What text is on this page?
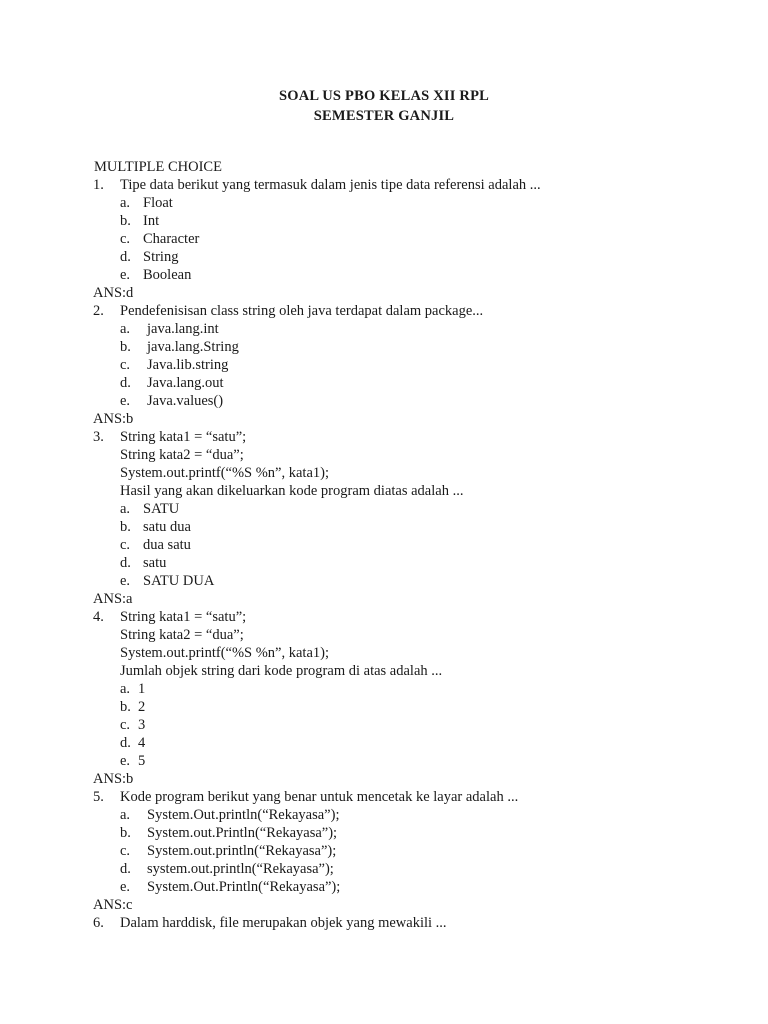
SOAL US PBO KELAS XII RPL
SEMESTER GANJIL
MULTIPLE CHOICE
1. Tipe data berikut yang termasuk dalam jenis tipe data referensi adalah ...
a. Float
b. Int
c. Character
d. String
e. Boolean
ANS:d
2. Pendefenisisan class string oleh java terdapat dalam package...
a. java.lang.int
b. java.lang.String
c. Java.lib.string
d. Java.lang.out
e. Java.values()
ANS:b
3. String kata1 = “satu”;
String kata2 = “dua”;
System.out.printf(“%S %n”, kata1);
Hasil yang akan dikeluarkan kode program diatas adalah ...
a. SATU
b. satu dua
c. dua satu
d. satu
e. SATU DUA
ANS:a
4. String kata1 = “satu”;
String kata2 = “dua”;
System.out.printf(“%S %n”, kata1);
Jumlah objek string dari kode program di atas adalah ...
a. 1
b. 2
c. 3
d. 4
e. 5
ANS:b
5. Kode program berikut yang benar untuk mencetak ke layar adalah ...
a. System.Out.println(“Rekayasa”);
b. System.out.Println(“Rekayasa”);
c. System.out.println(“Rekayasa”);
d. system.out.println(“Rekayasa”);
e. System.Out.Println(“Rekayasa”);
ANS:c
6. Dalam harddisk, file merupakan objek yang mewakili ...
